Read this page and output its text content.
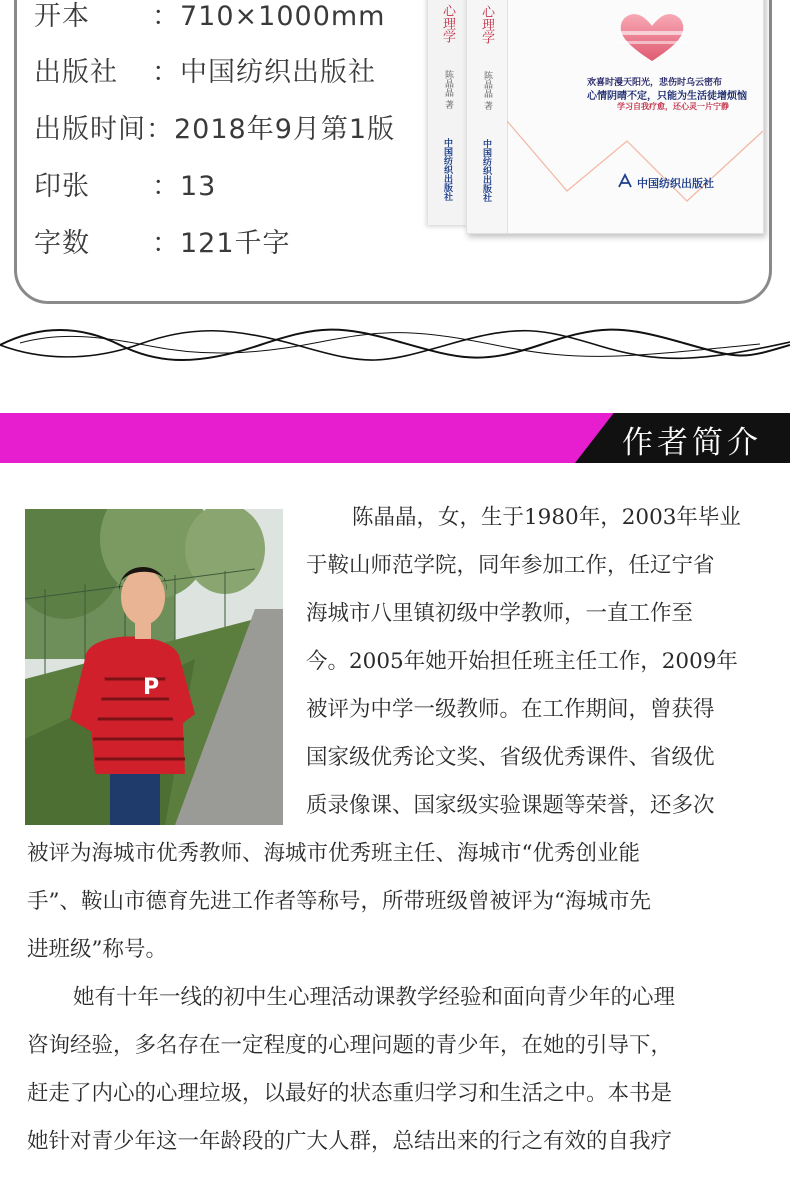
开本 ：710×1000mm
出版社 ：中国纺织出版社
出版时间：2018年9月第1版
印张 ：13
字数 ：121千字
心理学
陈晶晶 著
中国纺织出版社
心理学
陈晶晶 著
中国纺织出版社
欢喜时漫天阳光，悲伤时乌云密布
心情阴晴不定，只能为生活徒增烦恼
学习自我疗愈，还心灵一片宁静
中国纺织出版社
作者简介
P
陈晶晶，女，生于1980年，2003年毕业
于鞍山师范学院，同年参加工作，任辽宁省
海城市八里镇初级中学教师，一直工作至
今。2005年她开始担任班主任工作，2009年
被评为中学一级教师。在工作期间，曾获得
国家级优秀论文奖、省级优秀课件、省级优
质录像课、国家级实验课题等荣誉，还多次
被评为海城市优秀教师、海城市优秀班主任、海城市“优秀创业能
手”、鞍山市德育先进工作者等称号，所带班级曾被评为“海城市先
进班级”称号。
她有十年一线的初中生心理活动课教学经验和面向青少年的心理
咨询经验，多名存在一定程度的心理问题的青少年，在她的引导下，
赶走了内心的心理垃圾，以最好的状态重归学习和生活之中。本书是
她针对青少年这一年龄段的广大人群，总结出来的行之有效的自我疗
